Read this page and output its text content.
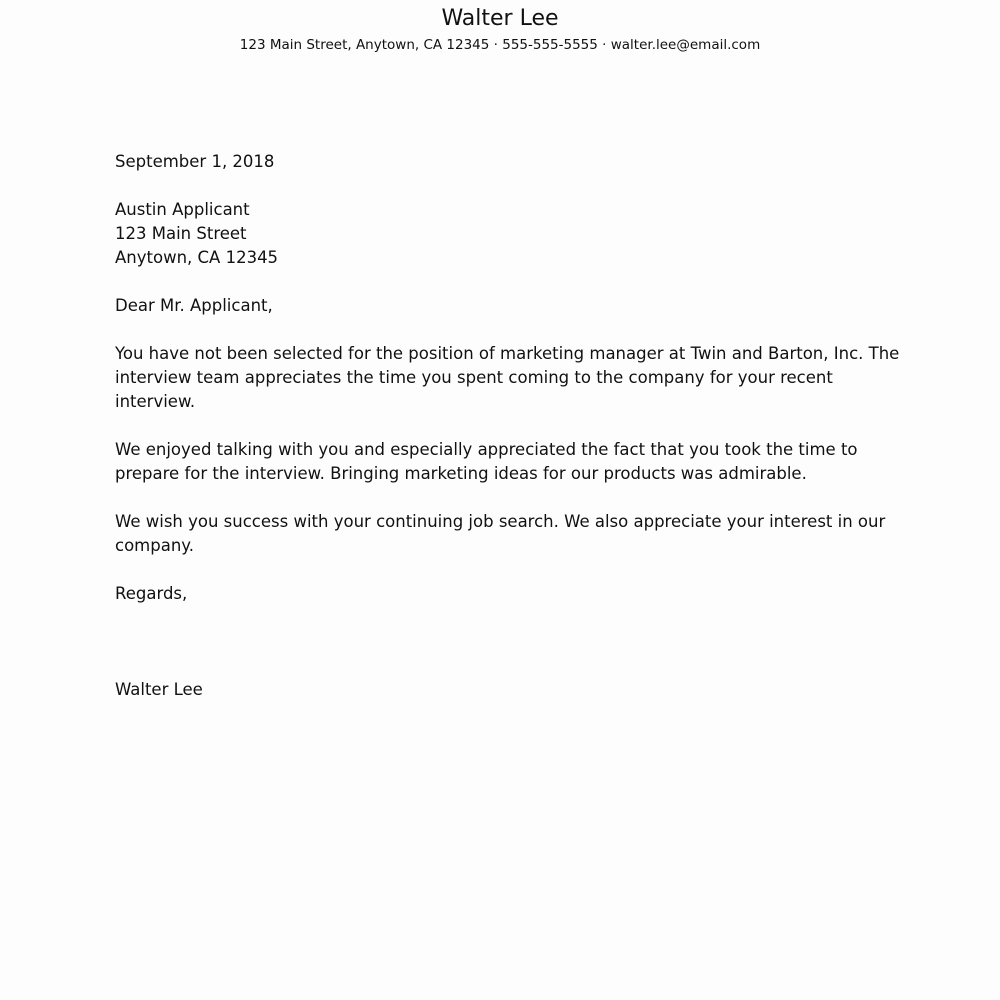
Walter Lee
123 Main Street, Anytown, CA 12345 · 555-555-5555 · walter.lee@email.com
September 1, 2018
Austin Applicant
123 Main Street
Anytown, CA 12345
Dear Mr. Applicant,
You have not been selected for the position of marketing manager at Twin and Barton, Inc. The
interview team appreciates the time you spent coming to the company for your recent
interview.
We enjoyed talking with you and especially appreciated the fact that you took the time to
prepare for the interview. Bringing marketing ideas for our products was admirable.
We wish you success with your continuing job search. We also appreciate your interest in our
company.
Regards,
Walter Lee
